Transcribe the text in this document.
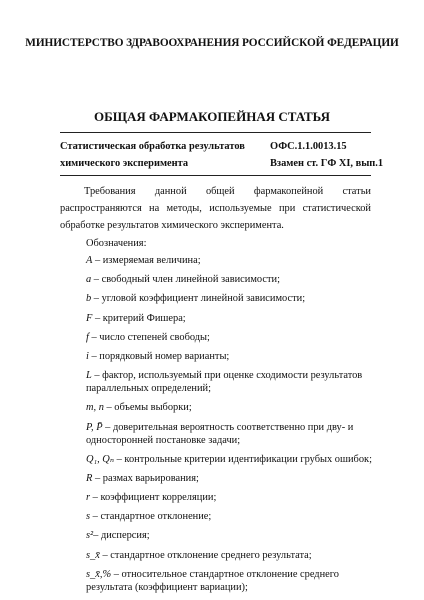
МИНИСТЕРСТВО ЗДРАВООХРАНЕНИЯ РОССИЙСКОЙ ФЕДЕРАЦИИ
ОБЩАЯ ФАРМАКОПЕЙНАЯ СТАТЬЯ
Статистическая обработка результатов
химического эксперимента
ОФС.1.1.0013.15
Взамен ст. ГФ XI, вып.1
Требования данной общей фармакопейной статьи распространяются на методы, используемые при статистической обработке результатов химического эксперимента.
Обозначения:
A – измеряемая величина;
a – свободный член линейной зависимости;
b – угловой коэффициент линейной зависимости;
F – критерий Фишера;
f – число степеней свободы;
i – порядковый номер варианты;
L – фактор, используемый при оценке сходимости результатов параллельных определений;
m, n – объемы выборки;
P, P̄ – доверительная вероятность соответственно при дву- и односторонней постановке задачи;
Q₁, Qₙ – контрольные критерии идентификации грубых ошибок;
R – размах варьирования;
r – коэффициент корреляции;
s – стандартное отклонение;
s²– дисперсия;
s_x̄ – стандартное отклонение среднего результата;
s_x̄,% – относительное стандартное отклонение среднего результата (коэффициент вариации);
